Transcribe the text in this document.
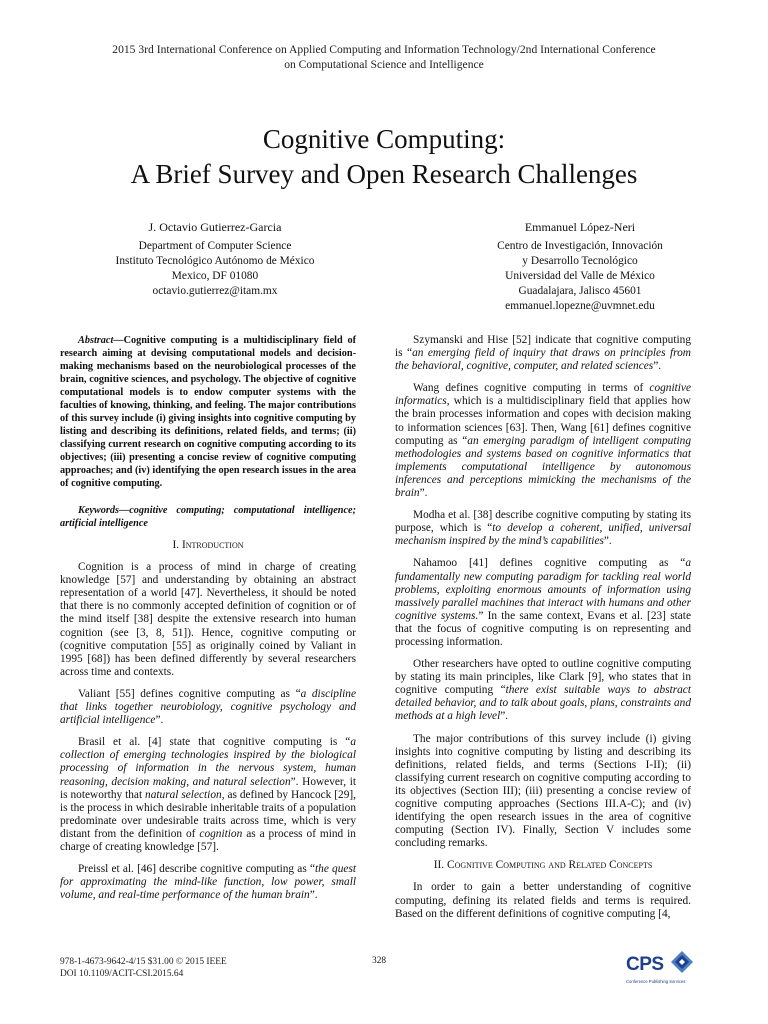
2015 3rd International Conference on Applied Computing and Information Technology/2nd International Conference
on Computational Science and Intelligence
Cognitive Computing:
A Brief Survey and Open Research Challenges
J. Octavio Gutierrez-Garcia
Department of Computer Science
Instituto Tecnológico Autónomo de México
Mexico, DF 01080
octavio.gutierrez@itam.mx
Emmanuel López-Neri
Centro de Investigación, Innovación
y Desarrollo Tecnológico
Universidad del Valle de México
Guadalajara, Jalisco 45601
emmanuel.lopezne@uvmnet.edu

Abstract—Cognitive computing is a multidisciplinary field of research aiming at devising computational models and decision-making mechanisms based on the neurobiological processes of the brain, cognitive sciences, and psychology. The objective of cognitive computational models is to endow computer systems with the faculties of knowing, thinking, and feeling. The major contributions of this survey include (i) giving insights into cognitive computing by listing and describing its definitions, related fields, and terms; (ii) classifying current research on cognitive computing according to its objectives; (iii) presenting a concise review of cognitive computing approaches; and (iv) identifying the open research issues in the area of cognitive computing.

Keywords—cognitive computing; computational intelligence; artificial intelligence

I. Introduction

Cognition is a process of mind in charge of creating knowledge [57] and understanding by obtaining an abstract representation of a world [47]. Nevertheless, it should be noted that there is no commonly accepted definition of cognition or of the mind itself [38] despite the extensive research into human cognition (see [3, 8, 51]). Hence, cognitive computing or (cognitive computation [55] as originally coined by Valiant in 1995 [68]) has been defined differently by several researchers across time and contexts.

Valiant [55] defines cognitive computing as “a discipline that links together neurobiology, cognitive psychology and artificial intelligence”.

Brasil et al. [4] state that cognitive computing is “a collection of emerging technologies inspired by the biological processing of information in the nervous system, human reasoning, decision making, and natural selection”. However, it is noteworthy that natural selection, as defined by Hancock [29], is the process in which desirable inheritable traits of a population predominate over undesirable traits across time, which is very distant from the definition of cognition as a process of mind in charge of creating knowledge [57].

Preissl et al. [46] describe cognitive computing as “the quest for approximating the mind-like function, low power, small volume, and real-time performance of the human brain”.

Szymanski and Hise [52] indicate that cognitive computing is “an emerging field of inquiry that draws on principles from the behavioral, cognitive, computer, and related sciences”.

Wang defines cognitive computing in terms of cognitive informatics, which is a multidisciplinary field that applies how the brain processes information and copes with decision making to information sciences [63]. Then, Wang [61] defines cognitive computing as “an emerging paradigm of intelligent computing methodologies and systems based on cognitive informatics that implements computational intelligence by autonomous inferences and perceptions mimicking the mechanisms of the brain”.

Modha et al. [38] describe cognitive computing by stating its purpose, which is “to develop a coherent, unified, universal mechanism inspired by the mind’s capabilities”.

Nahamoo [41] defines cognitive computing as “a fundamentally new computing paradigm for tackling real world problems, exploiting enormous amounts of information using massively parallel machines that interact with humans and other cognitive systems.” In the same context, Evans et al. [23] state that the focus of cognitive computing is on representing and processing information.

Other researchers have opted to outline cognitive computing by stating its main principles, like Clark [9], who states that in cognitive computing “there exist suitable ways to abstract detailed behavior, and to talk about goals, plans, constraints and methods at a high level”.

The major contributions of this survey include (i) giving insights into cognitive computing by listing and describing its definitions, related fields, and terms (Sections I-II); (ii) classifying current research on cognitive computing according to its objectives (Section III); (iii) presenting a concise review of cognitive computing approaches (Sections III.A-C); and (iv) identifying the open research issues in the area of cognitive computing (Section IV). Finally, Section V includes some concluding remarks.

II. Cognitive Computing and Related Concepts

In order to gain a better understanding of cognitive computing, defining its related fields and terms is required. Based on the different definitions of cognitive computing [4,

978-1-4673-9642-4/15 $31.00 © 2015 IEEE
DOI 10.1109/ACIT-CSI.2015.64
328	CPS
Conference Publishing Services
